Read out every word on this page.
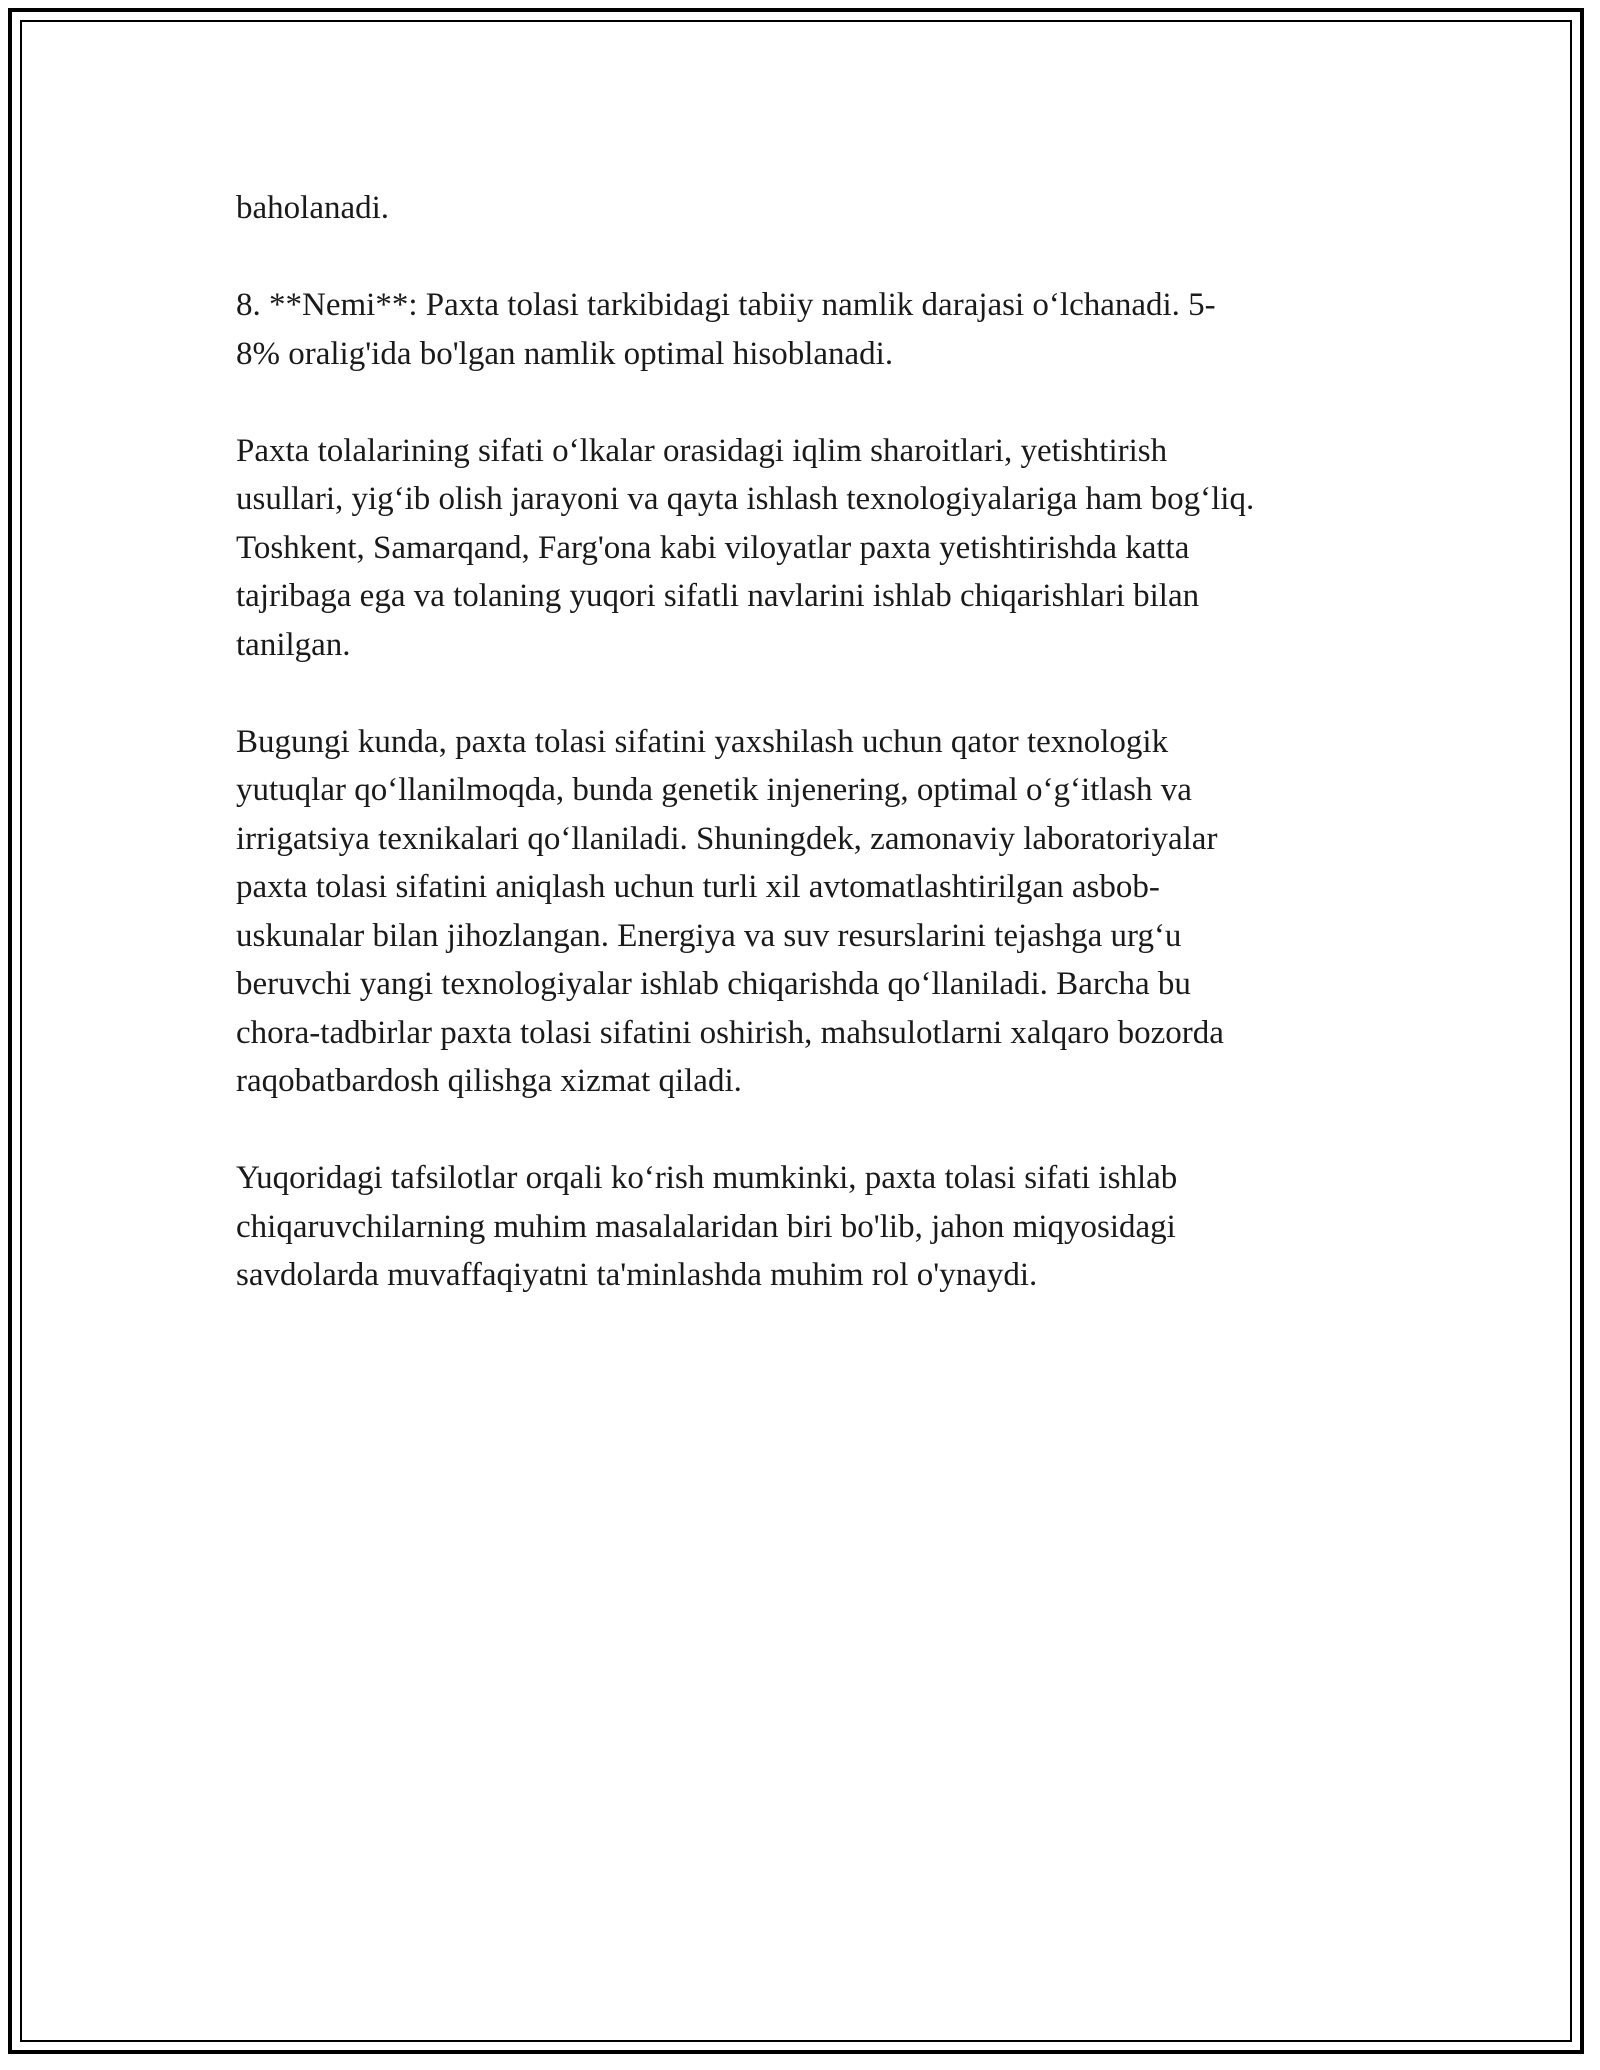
baholanadi.

8. **Nemi**: Paxta tolasi tarkibidagi tabiiy namlik darajasi oʻlchanadi. 5-
8% oralig'ida bo'lgan namlik optimal hisoblanadi.

Paxta tolalarining sifati oʻlkalar orasidagi iqlim sharoitlari, yetishtirish
usullari, yigʻib olish jarayoni va qayta ishlash texnologiyalariga ham bogʻliq.
Toshkent, Samarqand, Farg'ona kabi viloyatlar paxta yetishtirishda katta
tajribaga ega va tolaning yuqori sifatli navlarini ishlab chiqarishlari bilan
tanilgan.

Bugungi kunda, paxta tolasi sifatini yaxshilash uchun qator texnologik
yutuqlar qoʻllanilmoqda, bunda genetik injenering, optimal oʻgʻitlash va
irrigatsiya texnikalari qoʻllaniladi. Shuningdek, zamonaviy laboratoriyalar
paxta tolasi sifatini aniqlash uchun turli xil avtomatlashtirilgan asbob-
uskunalar bilan jihozlangan. Energiya va suv resurslarini tejashga urgʻu
beruvchi yangi texnologiyalar ishlab chiqarishda qoʻllaniladi. Barcha bu
chora-tadbirlar paxta tolasi sifatini oshirish, mahsulotlarni xalqaro bozorda
raqobatbardosh qilishga xizmat qiladi.

Yuqoridagi tafsilotlar orqali koʻrish mumkinki, paxta tolasi sifati ishlab
chiqaruvchilarning muhim masalalaridan biri bo'lib, jahon miqyosidagi
savdolarda muvaffaqiyatni ta'minlashda muhim rol o'ynaydi.
